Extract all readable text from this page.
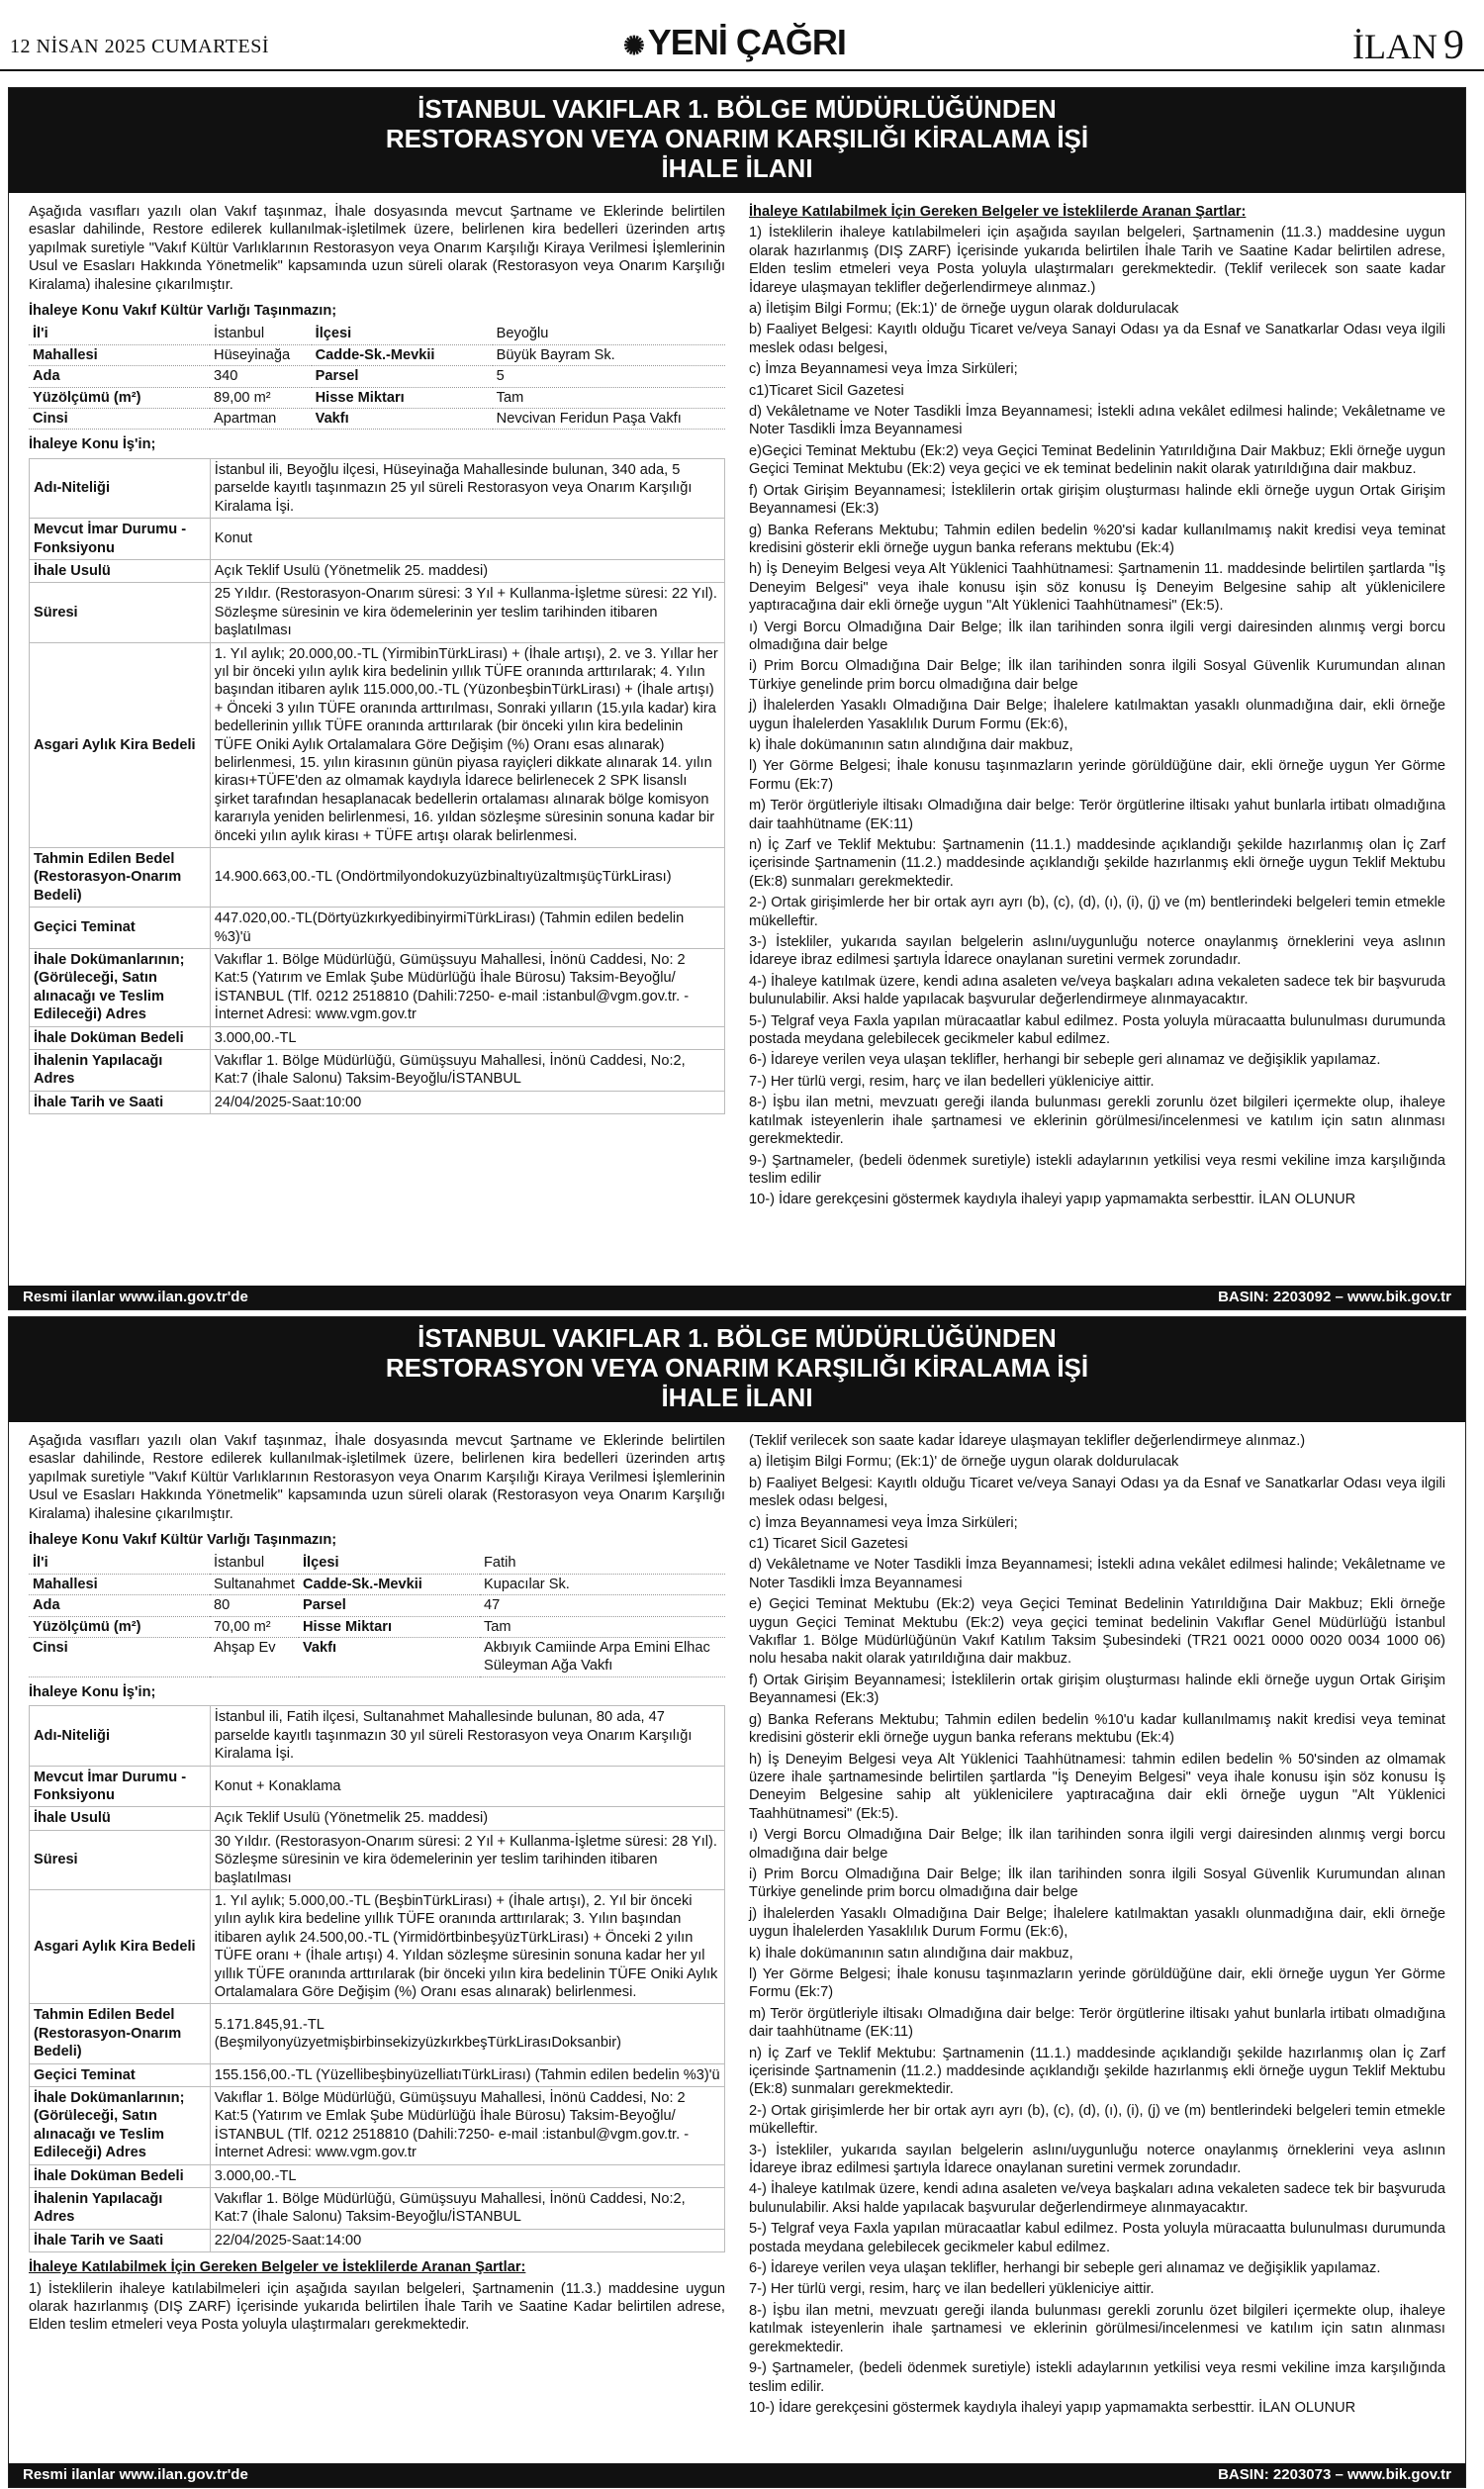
12 NİSAN 2025 CUMARTESİ	✺ YENİ ÇAĞRI	İLAN 9
İSTANBUL VAKIFLAR 1. BÖLGE MÜDÜRLÜĞÜNDEN
RESTORASYON VEYA ONARIM KARŞILIĞI KİRALAMA İŞİ
İHALE İLANI

Aşağıda vasıfları yazılı olan Vakıf taşınmaz, İhale dosyasında mevcut Şartname ve Eklerinde belirtilen esaslar dahilinde, Restore edilerek kullanılmak-işletilmek üzere, belirlenen kira bedelleri üzerinden artış yapılmak suretiyle "Vakıf Kültür Varlıklarının Restorasyon veya Onarım Karşılığı Kiraya Verilmesi İşlemlerinin Usul ve Esasları Hakkında Yönetmelik" kapsamında uzun süreli olarak (Restorasyon veya Onarım Karşılığı Kiralama) ihalesine çıkarılmıştır.

İhaleye Konu Vakıf Kültür Varlığı Taşınmazın;
İl'i	İstanbul	İlçesi	Beyoğlu
Mahallesi	Hüseyinağa	Cadde-Sk.-Mevkii	Büyük Bayram Sk.
Ada	340	Parsel	5
Yüzölçümü (m²)	89,00 m²	Hisse Miktarı	Tam
Cinsi	Apartman	Vakfı	Nevcivan Feridun Paşa Vakfı
İhaleye Konu İş'in;
Adı-Niteliği	İstanbul ili, Beyoğlu ilçesi, Hüseyinağa Mahallesinde bulunan, 340 ada, 5 parselde kayıtlı taşınmazın 25 yıl süreli Restorasyon veya Onarım Karşılığı Kiralama İşi.
Mevcut İmar Durumu - Fonksiyonu	Konut
İhale Usulü	Açık Teklif Usulü (Yönetmelik 25. maddesi)
Süresi	25 Yıldır. (Restorasyon-Onarım süresi: 3 Yıl + Kullanma-İşletme süresi: 22 Yıl). Sözleşme süresinin ve kira ödemelerinin yer teslim tarihinden itibaren başlatılması
Asgari Aylık Kira Bedeli	1. Yıl aylık; 20.000,00.-TL (YirmibinTürkLirası) + (İhale artışı), 2. ve 3. Yıllar her yıl bir önceki yılın aylık kira bedelinin yıllık TÜFE oranında arttırılarak; 4. Yılın başından itibaren aylık 115.000,00.-TL (YüzonbeşbinTürkLirası) + (İhale artışı) + Önceki 3 yılın TÜFE oranında arttırılması, Sonraki yılların (15.yıla kadar) kira bedellerinin yıllık TÜFE oranında arttırılarak (bir önceki yılın kira bedelinin TÜFE Oniki Aylık Ortalamalara Göre Değişim (%) Oranı esas alınarak) belirlenmesi, 15. yılın kirasının günün piyasa rayiçleri dikkate alınarak 14. yılın kirası+TÜFE'den az olmamak kaydıyla İdarece belirlenecek 2 SPK lisanslı şirket tarafından hesaplanacak bedellerin ortalaması alınarak bölge komisyon kararıyla yeniden belirlenmesi, 16. yıldan sözleşme süresinin sonuna kadar bir önceki yılın aylık kirası + TÜFE artışı olarak belirlenmesi.
Tahmin Edilen Bedel (Restorasyon-Onarım Bedeli)	14.900.663,00.-TL (OndörtmilyondokuzyüzbinaltıyüzaltmışüçTürkLirası)
Geçici Teminat	447.020,00.-TL(DörtyüzkırkyedibinyirmiTürkLirası) (Tahmin edilen bedelin %3)'ü
İhale Dokümanlarının; (Görüleceği, Satın alınacağı ve Teslim Edileceği) Adres	Vakıflar 1. Bölge Müdürlüğü, Gümüşsuyu Mahallesi, İnönü Caddesi, No: 2 Kat:5 (Yatırım ve Emlak Şube Müdürlüğü İhale Bürosu) Taksim-Beyoğlu/İSTANBUL (Tlf. 0212 2518810 (Dahili:7250- e-mail :istanbul@vgm.gov.tr. - İnternet Adresi: www.vgm.gov.tr
İhale Doküman Bedeli	3.000,00.-TL
İhalenin Yapılacağı Adres	Vakıflar 1. Bölge Müdürlüğü, Gümüşsuyu Mahallesi, İnönü Caddesi, No:2, Kat:7 (İhale Salonu) Taksim-Beyoğlu/İSTANBUL
İhale Tarih ve Saati	24/04/2025-Saat:10:00

İhaleye Katılabilmek İçin Gereken Belgeler ve İsteklilerde Aranan Şartlar:

1) İsteklilerin ihaleye katılabilmeleri için aşağıda sayılan belgeleri, Şartnamenin (11.3.) maddesine uygun olarak hazırlanmış (DIŞ ZARF) İçerisinde yukarıda belirtilen İhale Tarih ve Saatine Kadar belirtilen adrese, Elden teslim etmeleri veya Posta yoluyla ulaştırmaları gerekmektedir. (Teklif verilecek son saate kadar İdareye ulaşmayan teklifler değerlendirmeye alınmaz.)

a) İletişim Bilgi Formu; (Ek:1)' de örneğe uygun olarak doldurulacak

b) Faaliyet Belgesi: Kayıtlı olduğu Ticaret ve/veya Sanayi Odası ya da Esnaf ve Sanatkarlar Odası veya ilgili meslek odası belgesi,

c) İmza Beyannamesi veya İmza Sirküleri;

c1)Ticaret Sicil Gazetesi

d) Vekâletname ve Noter Tasdikli İmza Beyannamesi; İstekli adına vekâlet edilmesi halinde; Vekâletname ve Noter Tasdikli İmza Beyannamesi

e)Geçici Teminat Mektubu (Ek:2) veya Geçici Teminat Bedelinin Yatırıldığına Dair Makbuz; Ekli örneğe uygun Geçici Teminat Mektubu (Ek:2) veya geçici ve ek teminat bedelinin nakit olarak yatırıldığına dair makbuz.

f) Ortak Girişim Beyannamesi; İsteklilerin ortak girişim oluşturması halinde ekli örneğe uygun Ortak Girişim Beyannamesi (Ek:3)

g) Banka Referans Mektubu; Tahmin edilen bedelin %20'si kadar kullanılmamış nakit kredisi veya teminat kredisini gösterir ekli örneğe uygun banka referans mektubu (Ek:4)

h) İş Deneyim Belgesi veya Alt Yüklenici Taahhütnamesi: Şartnamenin 11. maddesinde belirtilen şartlarda "İş Deneyim Belgesi" veya ihale konusu işin söz konusu İş Deneyim Belgesine sahip alt yüklenicilere yaptıracağına dair ekli örneğe uygun "Alt Yüklenici Taahhütnamesi" (Ek:5).

ı) Vergi Borcu Olmadığına Dair Belge; İlk ilan tarihinden sonra ilgili vergi dairesinden alınmış vergi borcu olmadığına dair belge

i) Prim Borcu Olmadığına Dair Belge; İlk ilan tarihinden sonra ilgili Sosyal Güvenlik Kurumundan alınan Türkiye genelinde prim borcu olmadığına dair belge

j) İhalelerden Yasaklı Olmadığına Dair Belge; İhalelere katılmaktan yasaklı olunmadığına dair, ekli örneğe uygun İhalelerden Yasaklılık Durum Formu (Ek:6),

k) İhale dokümanının satın alındığına dair makbuz,

l) Yer Görme Belgesi; İhale konusu taşınmazların yerinde görüldüğüne dair, ekli örneğe uygun Yer Görme Formu (Ek:7)

m) Terör örgütleriyle iltisakı Olmadığına dair belge: Terör örgütlerine iltisakı yahut bunlarla irtibatı olmadığına dair taahhütname (EK:11)

n) İç Zarf ve Teklif Mektubu: Şartnamenin (11.1.) maddesinde açıklandığı şekilde hazırlanmış olan İç Zarf içerisinde Şartnamenin (11.2.) maddesinde açıklandığı şekilde hazırlanmış ekli örneğe uygun Teklif Mektubu (Ek:8) sunmaları gerekmektedir.

2-) Ortak girişimlerde her bir ortak ayrı ayrı (b), (c), (d), (ı), (i), (j) ve (m) bentlerindeki belgeleri temin etmekle mükelleftir.

3-) İstekliler, yukarıda sayılan belgelerin aslını/uygunluğu noterce onaylanmış örneklerini veya aslının İdareye ibraz edilmesi şartıyla İdarece onaylanan suretini vermek zorundadır.

4-) İhaleye katılmak üzere, kendi adına asaleten ve/veya başkaları adına vekaleten sadece tek bir başvuruda bulunulabilir. Aksi halde yapılacak başvurular değerlendirmeye alınmayacaktır.

5-) Telgraf veya Faxla yapılan müracaatlar kabul edilmez. Posta yoluyla müracaatta bulunulması durumunda postada meydana gelebilecek gecikmeler kabul edilmez.

6-) İdareye verilen veya ulaşan teklifler, herhangi bir sebeple geri alınamaz ve değişiklik yapılamaz.

7-) Her türlü vergi, resim, harç ve ilan bedelleri yükleniciye aittir.

8-) İşbu ilan metni, mevzuatı gereği ilanda bulunması gerekli zorunlu özet bilgileri içermekte olup, ihaleye katılmak isteyenlerin ihale şartnamesi ve eklerinin görülmesi/incelenmesi ve katılım için satın alınması gerekmektedir.

9-) Şartnameler, (bedeli ödenmek suretiyle) istekli adaylarının yetkilisi veya resmi vekiline imza karşılığında teslim edilir

10-) İdare gerekçesini göstermek kaydıyla ihaleyi yapıp yapmamakta serbesttir. İLAN OLUNUR

Resmi ilanlar www.ilan.gov.tr'de	BASIN: 2203092 – www.bik.gov.tr
İSTANBUL VAKIFLAR 1. BÖLGE MÜDÜRLÜĞÜNDEN
RESTORASYON VEYA ONARIM KARŞILIĞI KİRALAMA İŞİ
İHALE İLANI

Aşağıda vasıfları yazılı olan Vakıf taşınmaz, İhale dosyasında mevcut Şartname ve Eklerinde belirtilen esaslar dahilinde, Restore edilerek kullanılmak-işletilmek üzere, belirlenen kira bedelleri üzerinden artış yapılmak suretiyle "Vakıf Kültür Varlıklarının Restorasyon veya Onarım Karşılığı Kiraya Verilmesi İşlemlerinin Usul ve Esasları Hakkında Yönetmelik" kapsamında uzun süreli olarak (Restorasyon veya Onarım Karşılığı Kiralama) ihalesine çıkarılmıştır.

İhaleye Konu Vakıf Kültür Varlığı Taşınmazın;
İl'i	İstanbul	İlçesi	Fatih
Mahallesi	Sultanahmet	Cadde-Sk.-Mevkii	Kupacılar Sk.
Ada	80	Parsel	47
Yüzölçümü (m²)	70,00 m²	Hisse Miktarı	Tam
Cinsi	Ahşap Ev	Vakfı	Akbıyık Camiinde Arpa Emini Elhac Süleyman Ağa Vakfı
İhaleye Konu İş'in;
Adı-Niteliği	İstanbul ili, Fatih ilçesi, Sultanahmet Mahallesinde bulunan, 80 ada, 47 parselde kayıtlı taşınmazın 30 yıl süreli Restorasyon veya Onarım Karşılığı Kiralama İşi.
Mevcut İmar Durumu -Fonksiyonu	Konut + Konaklama
İhale Usulü	Açık Teklif Usulü (Yönetmelik 25. maddesi)
Süresi	30 Yıldır. (Restorasyon-Onarım süresi: 2 Yıl + Kullanma-İşletme süresi: 28 Yıl). Sözleşme süresinin ve kira ödemelerinin yer teslim tarihinden itibaren başlatılması
Asgari Aylık Kira Bedeli	1. Yıl aylık; 5.000,00.-TL (BeşbinTürkLirası) + (İhale artışı), 2. Yıl bir önceki yılın aylık kira bedeline yıllık TÜFE oranında arttırılarak; 3. Yılın başından itibaren aylık 24.500,00.-TL (YirmidörtbinbeşyüzTürkLirası) + Önceki 2 yılın TÜFE oranı + (İhale artışı) 4. Yıldan sözleşme süresinin sonuna kadar her yıl yıllık TÜFE oranında arttırılarak (bir önceki yılın kira bedelinin TÜFE Oniki Aylık Ortalamalara Göre Değişim (%) Oranı esas alınarak) belirlenmesi.
Tahmin Edilen Bedel (Restorasyon-Onarım Bedeli)	5.171.845,91.-TL (BeşmilyonyüzyetmişbirbinsekizyüzkırkbeşTürkLirasıDoksanbir)
Geçici Teminat	155.156,00.-TL (YüzellibeşbinyüzelliatıTürkLirası) (Tahmin edilen bedelin %3)'ü
İhale Dokümanlarının; (Görüleceği, Satın alınacağı ve Teslim Edileceği) Adres	Vakıflar 1. Bölge Müdürlüğü, Gümüşsuyu Mahallesi, İnönü Caddesi, No: 2 Kat:5 (Yatırım ve Emlak Şube Müdürlüğü İhale Bürosu) Taksim-Beyoğlu/İSTANBUL (Tlf. 0212 2518810 (Dahili:7250- e-mail :istanbul@vgm.gov.tr. - İnternet Adresi: www.vgm.gov.tr
İhale Doküman Bedeli	3.000,00.-TL
İhalenin Yapılacağı Adres	Vakıflar 1. Bölge Müdürlüğü, Gümüşsuyu Mahallesi, İnönü Caddesi, No:2, Kat:7 (İhale Salonu) Taksim-Beyoğlu/İSTANBUL
İhale Tarih ve Saati	22/04/2025-Saat:14:00

İhaleye Katılabilmek İçin Gereken Belgeler ve İsteklilerde Aranan Şartlar:

1) İsteklilerin ihaleye katılabilmeleri için aşağıda sayılan belgeleri, Şartnamenin (11.3.) maddesine uygun olarak hazırlanmış (DIŞ ZARF) İçerisinde yukarıda belirtilen İhale Tarih ve Saatine Kadar belirtilen adrese, Elden teslim etmeleri veya Posta yoluyla ulaştırmaları gerekmektedir.

(Teklif verilecek son saate kadar İdareye ulaşmayan teklifler değerlendirmeye alınmaz.)

a) İletişim Bilgi Formu; (Ek:1)' de örneğe uygun olarak doldurulacak

b) Faaliyet Belgesi: Kayıtlı olduğu Ticaret ve/veya Sanayi Odası ya da Esnaf ve Sanatkarlar Odası veya ilgili meslek odası belgesi,

c) İmza Beyannamesi veya İmza Sirküleri;

c1) Ticaret Sicil Gazetesi

d) Vekâletname ve Noter Tasdikli İmza Beyannamesi; İstekli adına vekâlet edilmesi halinde; Vekâletname ve Noter Tasdikli İmza Beyannamesi

e) Geçici Teminat Mektubu (Ek:2) veya Geçici Teminat Bedelinin Yatırıldığına Dair Makbuz; Ekli örneğe uygun Geçici Teminat Mektubu (Ek:2) veya geçici teminat bedelinin Vakıflar Genel Müdürlüğü İstanbul Vakıflar 1. Bölge Müdürlüğünün Vakıf Katılım Taksim Şubesindeki (TR21 0021 0000 0020 0034 1000 06) nolu hesaba nakit olarak yatırıldığına dair makbuz.

f) Ortak Girişim Beyannamesi; İsteklilerin ortak girişim oluşturması halinde ekli örneğe uygun Ortak Girişim Beyannamesi (Ek:3)

g) Banka Referans Mektubu; Tahmin edilen bedelin %10'u kadar kullanılmamış nakit kredisi veya teminat kredisini gösterir ekli örneğe uygun banka referans mektubu (Ek:4)

h) İş Deneyim Belgesi veya Alt Yüklenici Taahhütnamesi: tahmin edilen bedelin % 50'sinden az olmamak üzere ihale şartnamesinde belirtilen şartlarda "İş Deneyim Belgesi" veya ihale konusu işin söz konusu İş Deneyim Belgesine sahip alt yüklenicilere yaptıracağına dair ekli örneğe uygun "Alt Yüklenici Taahhütnamesi" (Ek:5).

ı) Vergi Borcu Olmadığına Dair Belge; İlk ilan tarihinden sonra ilgili vergi dairesinden alınmış vergi borcu olmadığına dair belge

i) Prim Borcu Olmadığına Dair Belge; İlk ilan tarihinden sonra ilgili Sosyal Güvenlik Kurumundan alınan Türkiye genelinde prim borcu olmadığına dair belge

j) İhalelerden Yasaklı Olmadığına Dair Belge; İhalelere katılmaktan yasaklı olunmadığına dair, ekli örneğe uygun İhalelerden Yasaklılık Durum Formu (Ek:6),

k) İhale dokümanının satın alındığına dair makbuz,

l) Yer Görme Belgesi; İhale konusu taşınmazların yerinde görüldüğüne dair, ekli örneğe uygun Yer Görme Formu (Ek:7)

m) Terör örgütleriyle iltisakı Olmadığına dair belge: Terör örgütlerine iltisakı yahut bunlarla irtibatı olmadığına dair taahhütname (EK:11)

n) İç Zarf ve Teklif Mektubu: Şartnamenin (11.1.) maddesinde açıklandığı şekilde hazırlanmış olan İç Zarf içerisinde Şartnamenin (11.2.) maddesinde açıklandığı şekilde hazırlanmış ekli örneğe uygun Teklif Mektubu (Ek:8) sunmaları gerekmektedir.

2-) Ortak girişimlerde her bir ortak ayrı ayrı (b), (c), (d), (ı), (i), (j) ve (m) bentlerindeki belgeleri temin etmekle mükelleftir.

3-) İstekliler, yukarıda sayılan belgelerin aslını/uygunluğu noterce onaylanmış örneklerini veya aslının İdareye ibraz edilmesi şartıyla İdarece onaylanan suretini vermek zorundadır.

4-) İhaleye katılmak üzere, kendi adına asaleten ve/veya başkaları adına vekaleten sadece tek bir başvuruda bulunulabilir. Aksi halde yapılacak başvurular değerlendirmeye alınmayacaktır.

5-) Telgraf veya Faxla yapılan müracaatlar kabul edilmez. Posta yoluyla müracaatta bulunulması durumunda postada meydana gelebilecek gecikmeler kabul edilmez.

6-) İdareye verilen veya ulaşan teklifler, herhangi bir sebeple geri alınamaz ve değişiklik yapılamaz.

7-) Her türlü vergi, resim, harç ve ilan bedelleri yükleniciye aittir.

8-) İşbu ilan metni, mevzuatı gereği ilanda bulunması gerekli zorunlu özet bilgileri içermekte olup, ihaleye katılmak isteyenlerin ihale şartnamesi ve eklerinin görülmesi/incelenmesi ve katılım için satın alınması gerekmektedir.

9-) Şartnameler, (bedeli ödenmek suretiyle) istekli adaylarının yetkilisi veya resmi vekiline imza karşılığında teslim edilir.

10-) İdare gerekçesini göstermek kaydıyla ihaleyi yapıp yapmamakta serbesttir. İLAN OLUNUR

Resmi ilanlar www.ilan.gov.tr'de	BASIN: 2203073 – www.bik.gov.tr
